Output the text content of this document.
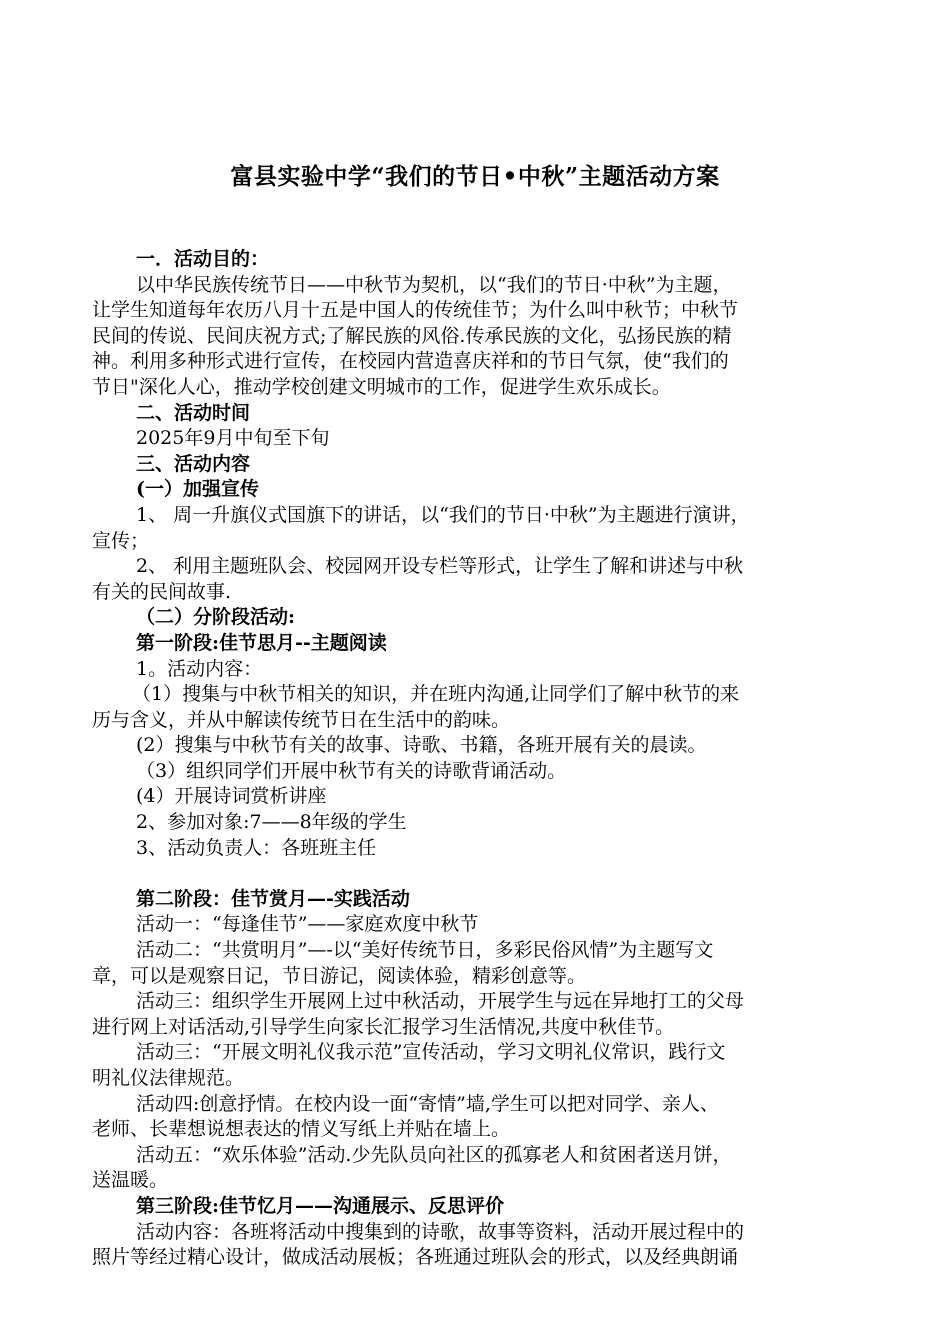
富县实验中学“我们的节日•中秋”主题活动方案
一．活动目的：
以中华民族传统节日——中秋节为契机，以“我们的节日·中秋”为主题，
让学生知道每年农历八月十五是中国人的传统佳节；为什么叫中秋节；中秋节
民间的传说、民间庆祝方式;了解民族的风俗.传承民族的文化，弘扬民族的精
神。利用多种形式进行宣传，在校园内营造喜庆祥和的节日气氛，使“我们的
节日"深化人心，推动学校创建文明城市的工作，促进学生欢乐成长。
二、活动时间
2025年9月中旬至下旬
三、活动内容
(一）加强宣传
1、 周一升旗仪式国旗下的讲话，以“我们的节日·中秋”为主题进行演讲，
宣传；
2、 利用主题班队会、校园网开设专栏等形式，让学生了解和讲述与中秋
有关的民间故事.
（二）分阶段活动:
第一阶段:佳节思月--主题阅读
1。活动内容：
（1）搜集与中秋节相关的知识，并在班内沟通,让同学们了解中秋节的来
历与含义，并从中解读传统节日在生活中的韵味。
(2）搜集与中秋节有关的故事、诗歌、书籍，各班开展有关的晨读。
（3）组织同学们开展中秋节有关的诗歌背诵活动。
(4）开展诗词赏析讲座
2、参加对象:7——8年级的学生
3、活动负责人：各班班主任
第二阶段：佳节赏月—-实践活动
活动一：“每逢佳节”——家庭欢度中秋节
活动二：“共赏明月”—-以“美好传统节日，多彩民俗风情”为主题写文
章，可以是观察日记，节日游记，阅读体验，精彩创意等。
活动三：组织学生开展网上过中秋活动，开展学生与远在异地打工的父母
进行网上对话活动,引导学生向家长汇报学习生活情况,共度中秋佳节。
活动三：“开展文明礼仪我示范”宣传活动，学习文明礼仪常识，践行文
明礼仪法律规范。
活动四:创意抒情。在校内设一面“寄情”墙,学生可以把对同学、亲人、
老师、长辈想说想表达的情义写纸上并贴在墙上。
活动五：“欢乐体验”活动.少先队员向社区的孤寡老人和贫困者送月饼，
送温暖。
第三阶段:佳节忆月——沟通展示、反思评价
活动内容：各班将活动中搜集到的诗歌，故事等资料，活动开展过程中的
照片等经过精心设计，做成活动展板；各班通过班队会的形式，以及经典朗诵
